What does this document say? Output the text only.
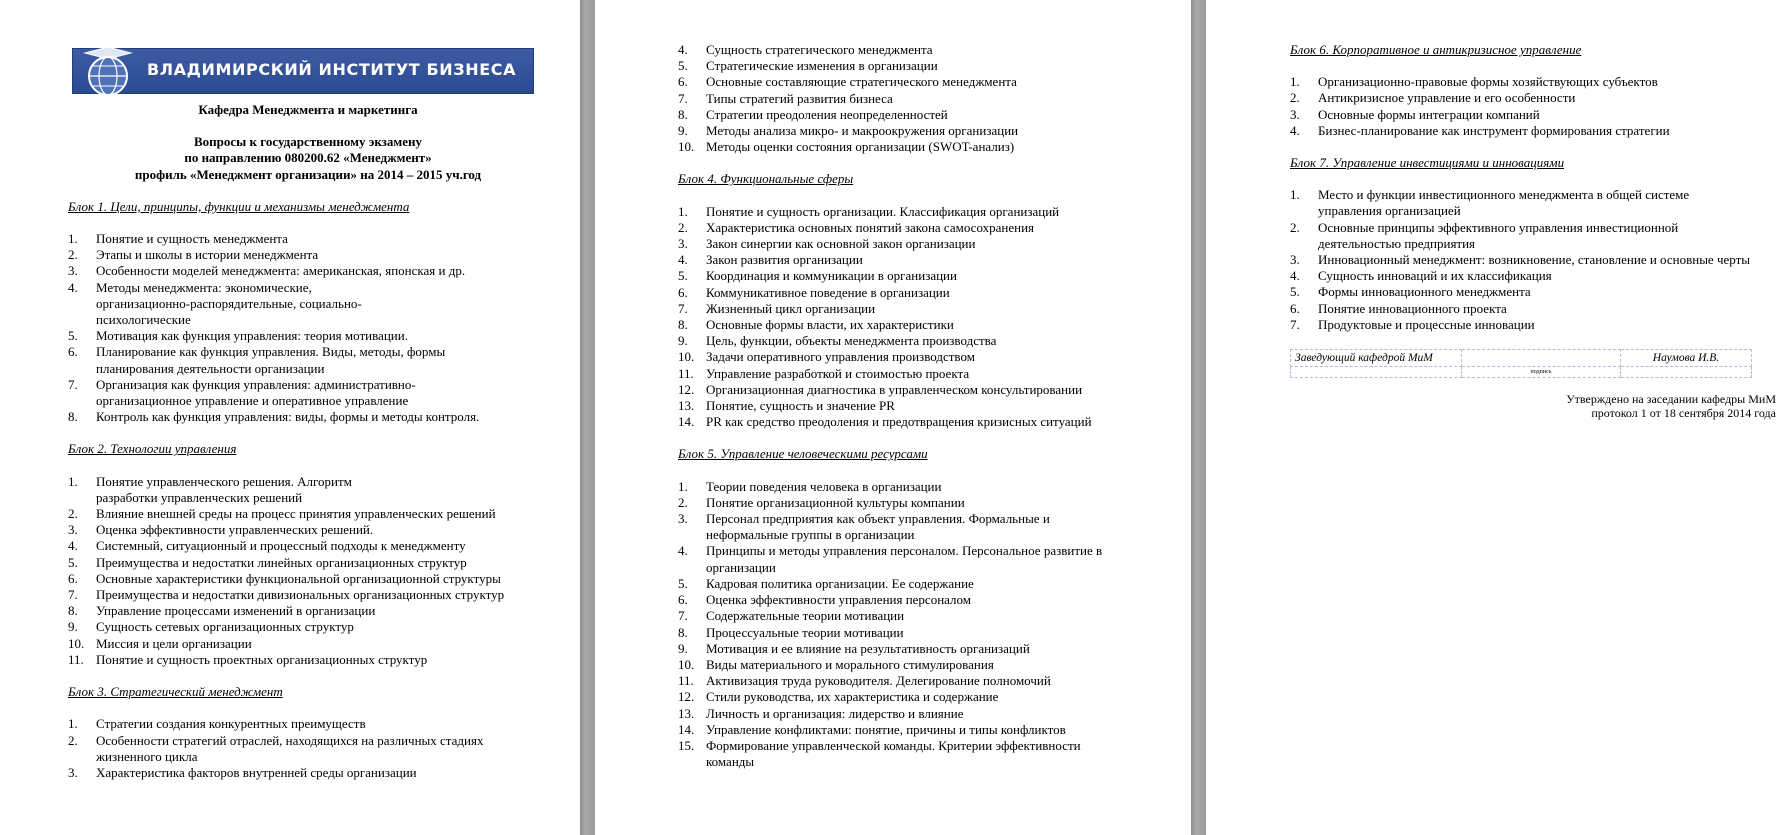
ВЛАДИМИРСКИЙ ИНСТИТУТ БИЗНЕСА
Кафедра Менеджмента и маркетинга
Вопросы к государственному экзамену
по направлению 080200.62 «Менеджмент»
профиль «Менеджмент организации» на 2014 – 2015 уч.год
Блок 1. Цели, принципы, функции и механизмы менеджмента
1. Понятие и сущность менеджмента
2. Этапы и школы в истории менеджмента
3. Особенности моделей менеджмента: американская, японская и др.
4. Методы менеджмента: экономические, организационно-распорядительные, социально-психологические
5. Мотивация как функция управления: теория мотивации.
6. Планирование как функция управления. Виды, методы, формы планирования деятельности организации
7. Организация как функция управления: административно-организационное управление и оперативное управление
8. Контроль как функция управления: виды, формы и методы контроля.
Блок 2. Технологии управления
1. Понятие управленческого решения. Алгоритм разработки управленческих решений
2. Влияние внешней среды на процесс принятия управленческих решений
3. Оценка эффективности управленческих решений.
4. Системный, ситуационный и процессный подходы к менеджменту
5. Преимущества и недостатки линейных организационных структур
6. Основные характеристики функциональной организационной структуры
7. Преимущества и недостатки дивизиональных организационных структур
8. Управление процессами изменений в организации
9. Сущность сетевых организационных структур
10. Миссия и цели организации
11. Понятие и сущность проектных организационных структур
Блок 3. Стратегический менеджмент
1. Стратегии создания конкурентных преимуществ
2. Особенности стратегий отраслей, находящихся на различных стадиях жизненного цикла
3. Характеристика факторов внутренней среды организации
4. Сущность стратегического менеджмента
5. Стратегические изменения в организации
6. Основные составляющие стратегического менеджмента
7. Типы стратегий развития бизнеса
8. Стратегии преодоления неопределенностей
9. Методы анализа микро- и макроокружения организации
10. Методы оценки состояния организации (SWOT-анализ)
Блок 4. Функциональные сферы
1. Понятие и сущность организации. Классификация организаций
2. Характеристика основных понятий закона самосохранения
3. Закон синергии как основной закон организации
4. Закон развития организации
5. Координация и коммуникации в организации
6. Коммуникативное поведение в организации
7. Жизненный цикл организации
8. Основные формы власти, их характеристики
9. Цель, функции, объекты менеджмента производства
10. Задачи оперативного управления производством
11. Управление разработкой и стоимостью проекта
12. Организационная диагностика в управленческом консультировании
13. Понятие, сущность и значение PR
14. PR как средство преодоления и предотвращения кризисных ситуаций
Блок 5. Управление человеческими ресурсами
1. Теории поведения человека в организации
2. Понятие организационной культуры компании
3. Персонал предприятия как объект управления. Формальные и неформальные группы в организации
4. Принципы и методы управления персоналом. Персональное развитие в организации
5. Кадровая политика организации. Ее содержание
6. Оценка эффективности управления персоналом
7. Содержательные теории мотивации
8. Процессуальные теории мотивации
9. Мотивация и ее влияние на результативность организаций
10. Виды материального и морального стимулирования
11. Активизация труда руководителя. Делегирование полномочий
12. Стили руководства, их характеристика и содержание
13. Личность и организация: лидерство и влияние
14. Управление конфликтами: понятие, причины и типы конфликтов
15. Формирование управленческой команды. Критерии эффективности команды
Блок 6. Корпоративное и антикризисное управление
1. Организационно-правовые формы хозяйствующих субъектов
2. Антикризисное управление и его особенности
3. Основные формы интеграции компаний
4. Бизнес-планирование как инструмент формирования стратегии
Блок 7. Управление инвестициями и инновациями
1. Место и функции инвестиционного менеджмента в общей системе управления организацией
2. Основные принципы эффективного управления инвестиционной деятельностью предприятия
3. Инновационный менеджмент: возникновение, становление и основные черты
4. Сущность инноваций и их классификация
5. Формы инновационного менеджмента
6. Понятие инновационного проекта
7. Продуктовые и процессные инновации
Заведующий кафедрой МиМ		Наумова И.В.
	подпись	
Утверждено на заседании кафедры МиМ
протокол 1 от 18 сентября 2014 года
